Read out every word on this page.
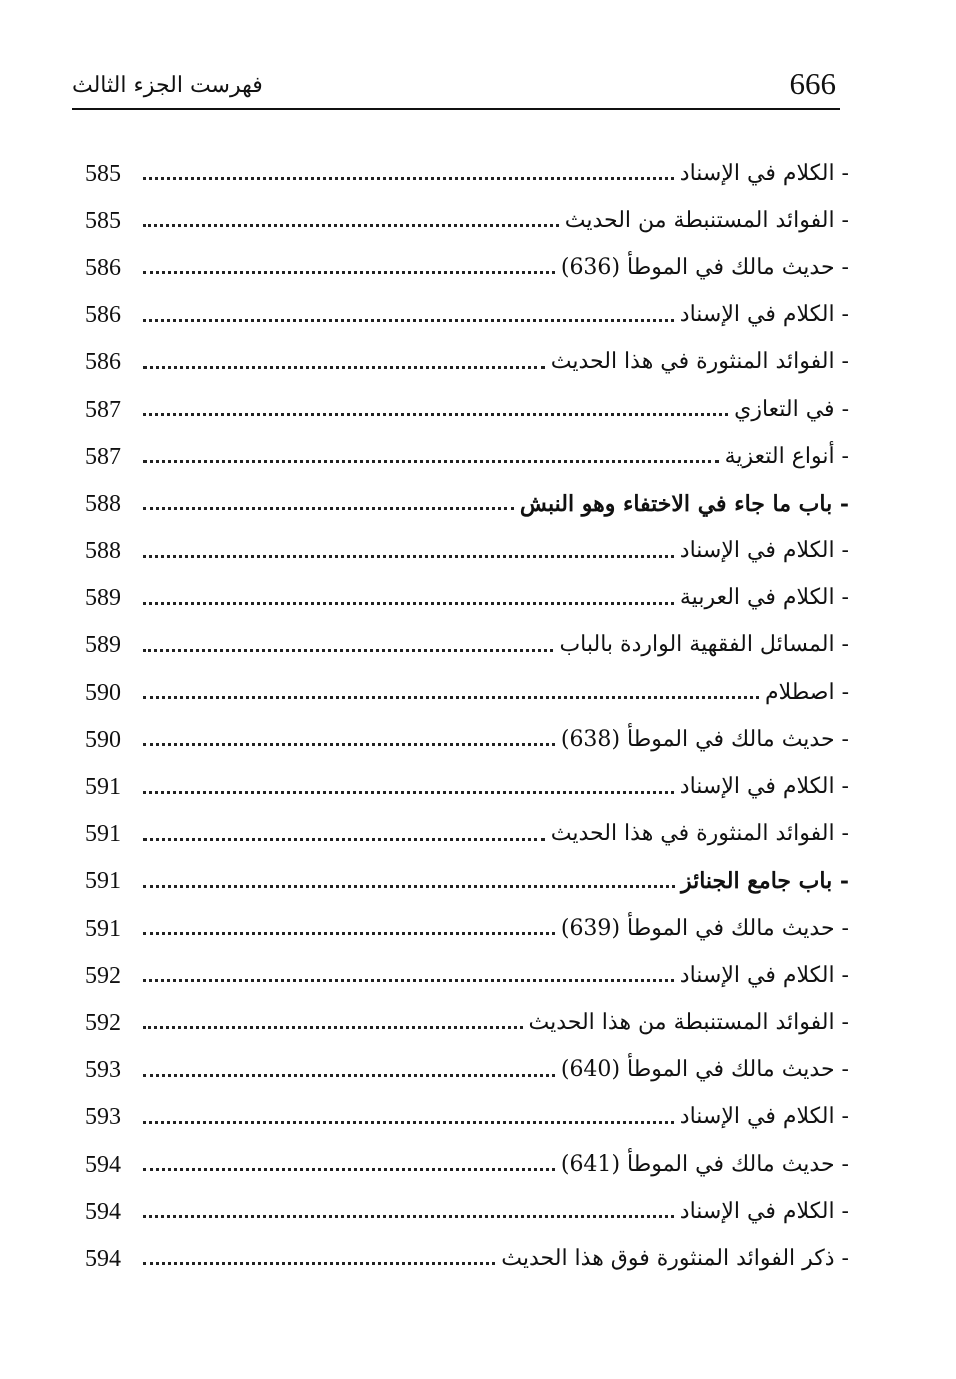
فهرست الجزء الثالث	666
585	- الكلام في الإسناد
585	- الفوائد المستنبطة من الحديث
586	- حديث مالك في الموطأ (636)
586	- الكلام في الإسناد
586	- الفوائد المنثورة في هذا الحديث
587	- في التعازي
587	- أنواع التعزية
588	- باب ما جاء في الاختفاء وهو النبش
588	- الكلام في الإسناد
589	- الكلام في العربية
589	- المسائل الفقهية الواردة بالباب
590	- اصطلام
590	- حديث مالك في الموطأ (638)
591	- الكلام في الإسناد
591	- الفوائد المنثورة في هذا الحديث
591	- باب جامع الجنائز
591	- حديث مالك في الموطأ (639)
592	- الكلام في الإسناد
592	- الفوائد المستنبطة من هذا الحديث
593	- حديث مالك في الموطأ (640)
593	- الكلام في الإسناد
594	- حديث مالك في الموطأ (641)
594	- الكلام في الإسناد
594	- ذكر الفوائد المنثورة فوق هذا الحديث
